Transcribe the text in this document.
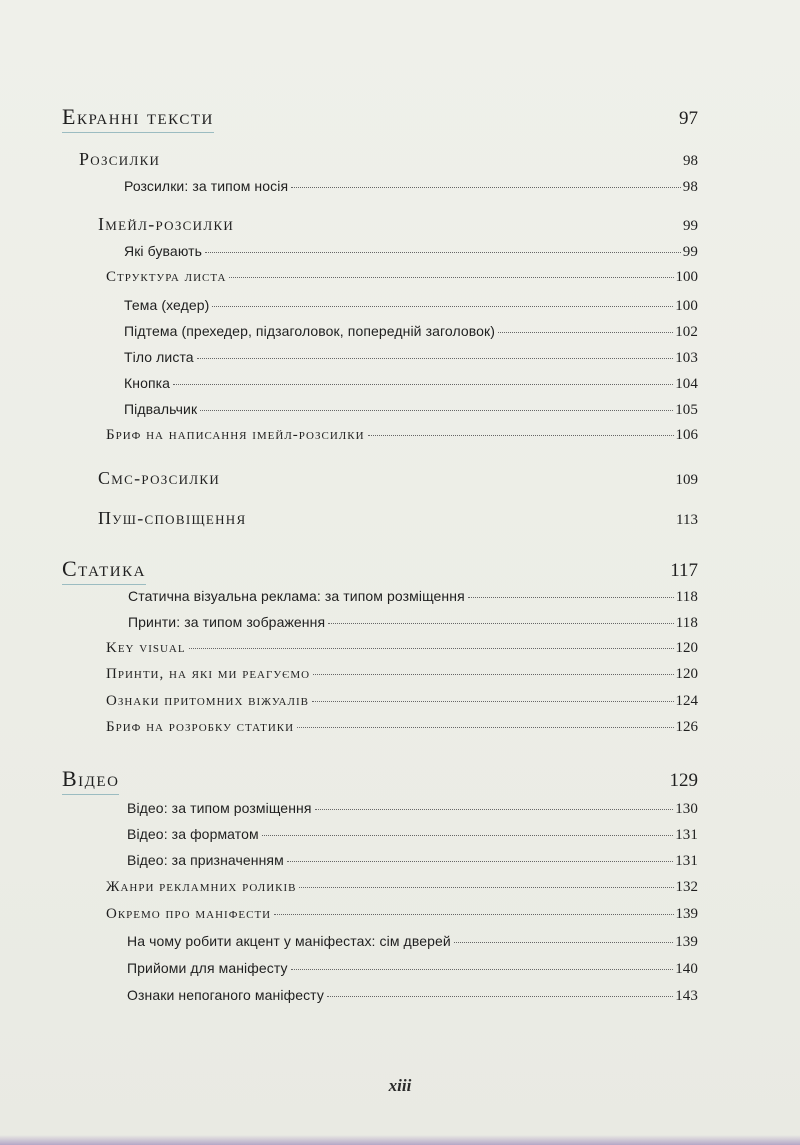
Екранні тексти	97
Розсилки	98
Розсилки: за типом носія	98
Імейл-розсилки	99
Які бувають	99
Структура листа	100
Тема (хедер)	100
Підтема (прехедер, підзаголовок, попередній заголовок)	102
Тіло листа	103
Кнопка	104
Підвальчик	105
Бриф на написання імейл-розсилки	106
Смс-розсилки	109
Пуш-сповіщення	113
Статика	117
Статична візуальна реклама: за типом розміщення	118
Принти: за типом зображення	118
Key visual	120
Принти, на які ми реагуємо	120
Ознаки притомних віжуалів	124
Бриф на розробку статики	126
Відео	129
Відео: за типом розміщення	130
Відео: за форматом	131
Відео: за призначенням	131
Жанри рекламних роликів	132
Окремо про маніфести	139
На чому робити акцент у маніфестах: сім дверей	139
Прийоми для маніфесту	140
Ознаки непоганого маніфесту	143
xiii
